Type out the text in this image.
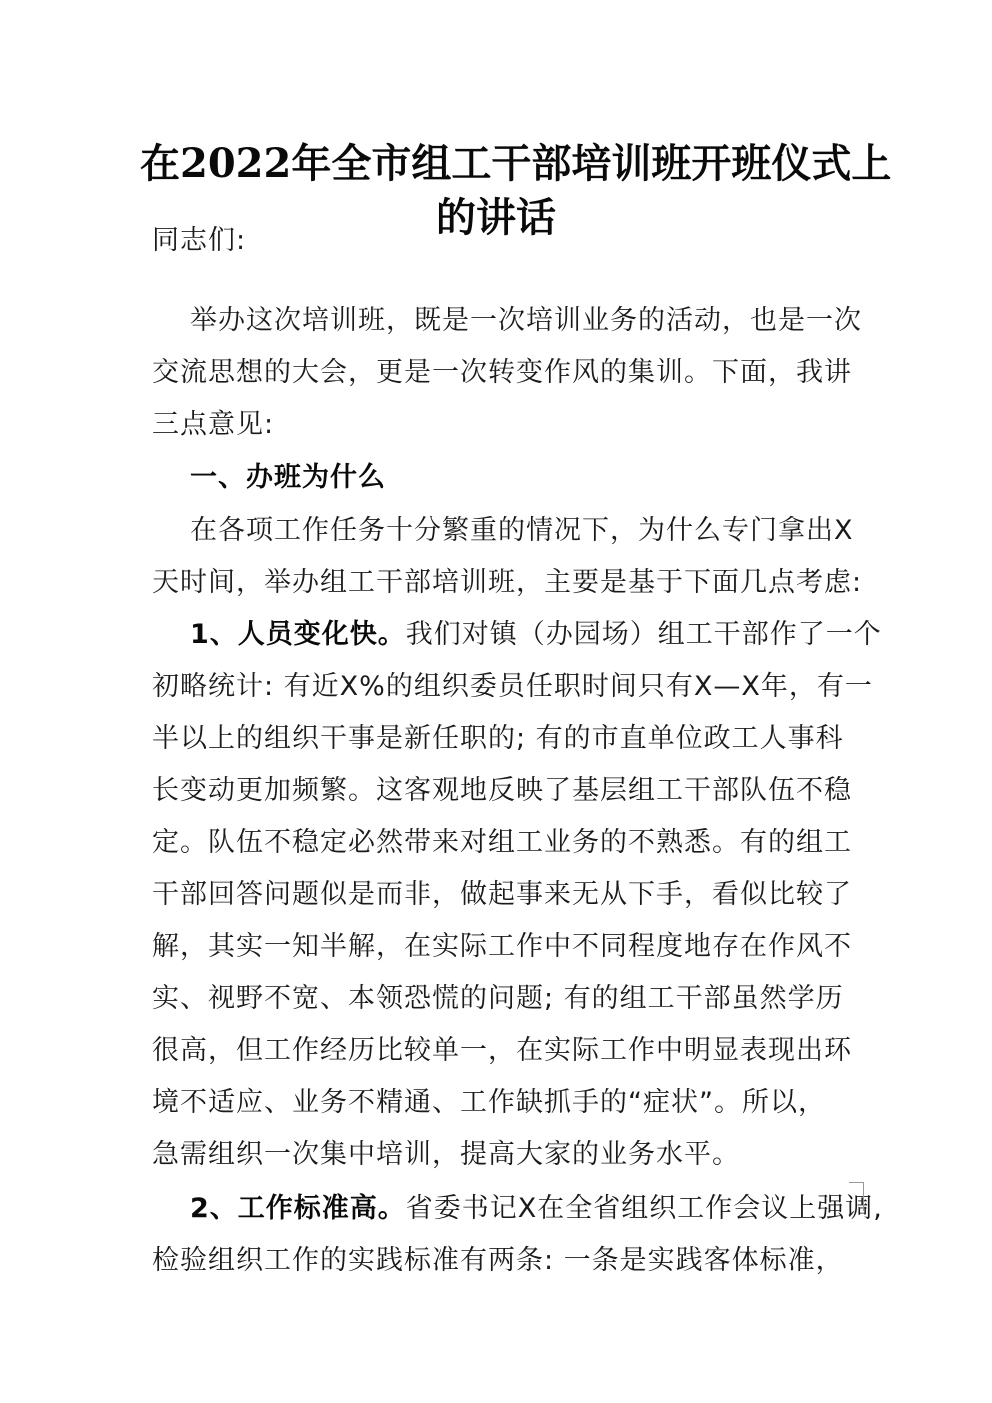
在2022年全市组工干部培训班开班仪式上
的讲话
同志们:
举办这次培训班，既是一次培训业务的活动，也是一次
交流思想的大会，更是一次转变作风的集训。下面，我讲
三点意见:
一、办班为什么
在各项工作任务十分繁重的情况下，为什么专门拿出X
天时间，举办组工干部培训班，主要是基于下面几点考虑:
1、人员变化快。我们对镇（办园场）组工干部作了一个
初略统计: 有近X%的组织委员任职时间只有X—X年，有一
半以上的组织干事是新任职的; 有的市直单位政工人事科
长变动更加频繁。这客观地反映了基层组工干部队伍不稳
定。队伍不稳定必然带来对组工业务的不熟悉。有的组工
干部回答问题似是而非，做起事来无从下手，看似比较了
解，其实一知半解，在实际工作中不同程度地存在作风不
实、视野不宽、本领恐慌的问题; 有的组工干部虽然学历
很高，但工作经历比较单一，在实际工作中明显表现出环
境不适应、业务不精通、工作缺抓手的“症状”。所以，
急需组织一次集中培训，提高大家的业务水平。
2、工作标准高。省委书记X在全省组织工作会议上强调,
检验组织工作的实践标准有两条: 一条是实践客体标准，
